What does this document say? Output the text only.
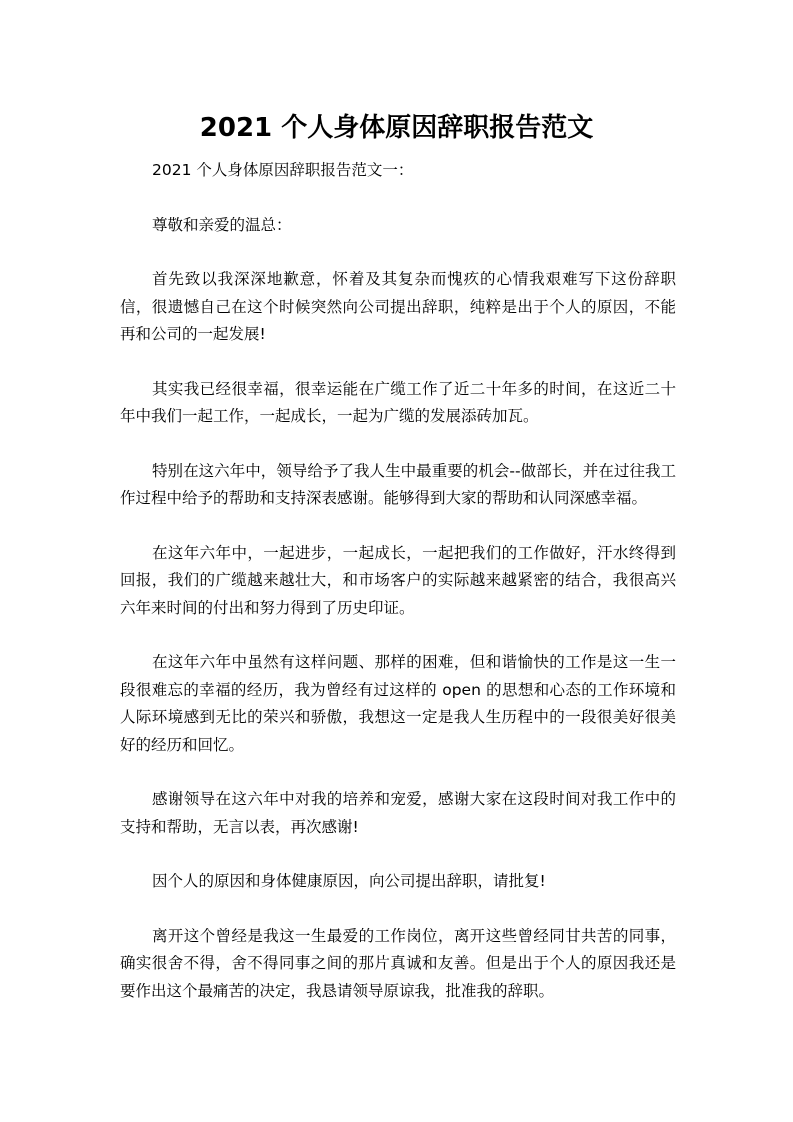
2021 个人身体原因辞职报告范文

2021 个人身体原因辞职报告范文一：

尊敬和亲爱的温总：

首先致以我深深地歉意，怀着及其复杂而愧疚的心情我艰难写下这份辞职信，很遗憾自己在这个时候突然向公司提出辞职，纯粹是出于个人的原因，不能再和公司的一起发展!

其实我已经很幸福，很幸运能在广缆工作了近二十年多的时间，在这近二十年中我们一起工作，一起成长，一起为广缆的发展添砖加瓦。

特别在这六年中，领导给予了我人生中最重要的机会--做部长，并在过往我工作过程中给予的帮助和支持深表感谢。能够得到大家的帮助和认同深感幸福。

在这年六年中，一起进步，一起成长，一起把我们的工作做好，汗水终得到回报，我们的广缆越来越壮大，和市场客户的实际越来越紧密的结合，我很高兴六年来时间的付出和努力得到了历史印证。

在这年六年中虽然有这样问题、那样的困难，但和谐愉快的工作是这一生一段很难忘的幸福的经历，我为曾经有过这样的 open 的思想和心态的工作环境和人际环境感到无比的荣兴和骄傲，我想这一定是我人生历程中的一段很美好很美好的经历和回忆。

感谢领导在这六年中对我的培养和宠爱，感谢大家在这段时间对我工作中的支持和帮助，无言以表，再次感谢!

因个人的原因和身体健康原因，向公司提出辞职，请批复!

离开这个曾经是我这一生最爱的工作岗位，离开这些曾经同甘共苦的同事，确实很舍不得，舍不得同事之间的那片真诚和友善。但是出于个人的原因我还是要作出这个最痛苦的决定，我恳请领导原谅我，批准我的辞职。
